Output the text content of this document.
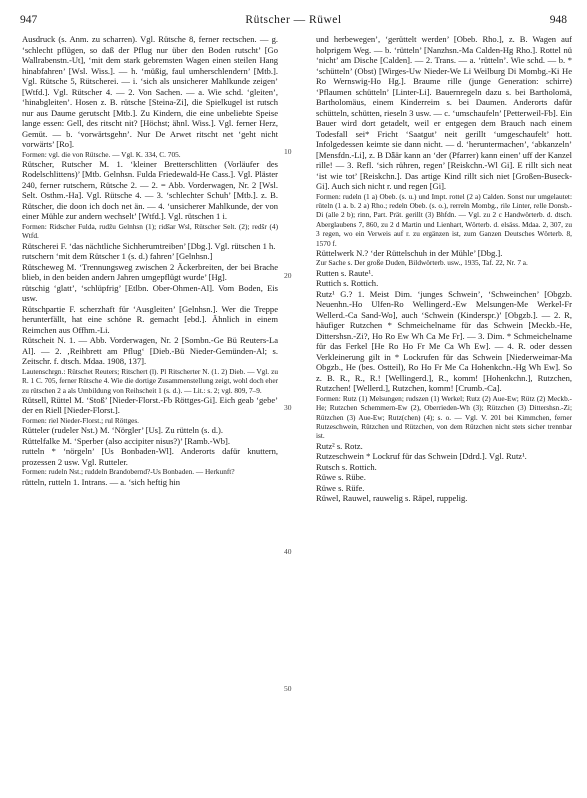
947	Rütscher — Rüwel	948
10
20
30
40
50

Ausdruck (s. Anm. zu scharren). Vgl. Rütsche 8, ferner rectschen. — g. ‘schlecht pflügen, so daß der Pflug nur über den Boden rutscht’ [Go Wallrabenstn.-Ut], ‘mit dem stark gebremsten Wagen einen steilen Hang hinabfahren’ [Wsl. Wiss.]. — h. ‘müßig, faul umherschlendern’ [Mtb.]. Vgl. Rütsche 5, Rütscherei. — i. ‘sich als unsicherer Mahlkunde zeigen’ [Wtfd.]. Vgl. Rütscher 4. — 2. Von Sachen. — a. Wie schd. ‘gleiten’, ‘hinabgleiten’. Hosen z. B. rütsche [Steina-Zi], die Spielkugel ist rutsch nur aus Daume gerutscht [Mtb.]. Zu Kindern, die eine unbeliebte Speise lange essen: Gell, des ritscht nit? [Höchst; ähnl. Wiss.]. Vgl. ferner Herz, Gemüt. — b. ‘vorwärtsgehn’. Nur De Arwet ritscht net ‘geht nicht vorwärts’ [Ro].

Formen: vgl. die von Rütsche. — Vgl. K. 334, C. 705.

Rütscher, Rutscher M. 1. ‘kleiner Bretterschlitten (Vorläufer des Rodelschlittens)’ [Mtb. Gelnhsn. Fulda Friedewald-He Cass.]. Vgl. Pläster 240, ferner rutschern, Rütsche 2. — 2. = Abb. Vorderwagen, Nr. 2 [Wsl. Selt. Osthm.-Ha]. Vgl. Rütsche 4. — 3. ‘schlechter Schuh’ [Mtb.]. z. B. Rütscher, die doon ich doch net än. — 4. ‘unsicherer Mahlkunde, der von einer Mühle zur andern wechselt’ [Wtfd.]. Vgl. rütschen 1 i.

Formen: Ridscher Fulda, rudžu Gelnhsn (1); ridšar Wsl, Rütscher Selt. (2); redšr (4) Wtfd.

Rütscherei F. ‘das nächtliche Sichherumtreiben’ [Dbg.]. Vgl. rütschen 1 h.

rutschern ‘mit dem Rütscher 1 (s. d.) fahren’ [Gelnhsn.]

Rütscheweg M. ‘Trennungsweg zwischen 2 Äckerbreiten, der bei Brache blieb, in den beiden andern Jahren umgepflügt wurde’ [Hg].

rütschig ‘glatt’, ‘schlüpfrig’ [Etlbn. Ober-Ohmen-Al]. Vom Boden, Eis usw.

Rütschpartie F. scherzhaft für ‘Ausgleiten’ [Gelnhsn.]. Wer die Treppe herunterfällt, hat eine schöne R. gemacht [ebd.]. Ähnlich in einem Reimchen aus Offhm.-Li.

Rütscheit N. 1. — Abb. Vorderwagen, Nr. 2 [Sombn.-Ge Bü Reuters-La Al]. — 2. ‚Reihbrett am Pflug‘ [Dieb.-Bü Nieder-Gemünden-Al; s. Zeitschr. f. dtsch. Mdaa. 1908, 137].

Lautenschrgn.: Rütschet Reuters; Ritschert (l). Pl Ritscherter N. (1. 2) Dieb. — Vgl. zu R. 1 C. 705, ferner Rütsche 4. Wie die dortige Zusammenstellung zeigt, wohl doch eher zu rütschen 2 a als Umbildung von Reihscheit 1 (s. d.). — Lit.: s. 2; vgl. 809, 7–9.

Rütsell, Rüttel M. ‘Stoß’ [Nieder-Florst.-Fb Röttges-Gi]. Eich geab ‘gebe’ der en Riell [Nieder-Florst.].

Formen: riel Nieder-Florst.; rul Röttges.

Rütteler (rudeler Nst.) M. ‘Nörgler’ [Us]. Zu rütteln (s. d.).

Rüttelfalke M. ‘Sperber (also accipiter nisus?)’ [Ramb.-Wb].

rutteln * ‘nörgeln’ [Us Bonbaden-Wl]. Anderorts dafür knuttern, prozessen 2 usw. Vgl. Rutteler.

Formen: rudeln Nst.; ruddeln Brandobernd?-Us Bonbaden. — Herkunft?

rütteln, rutteln 1. Intrans. — a. ‘sich heftig hin

und herbewegen’, ‘gerüttelt werden’ [Obeb. Rho.], z. B. Wagen auf holprigem Weg. — b. ‘rütteln’ [Nanzhsn.-Ma Calden-Hg Rho.]. Rottel nü ‘nicht’ am Dische [Calden]. — 2. Trans. — a. ‘rütteln’. Wie schd. — b. * ‘schütteln’ (Obst) [Wirges-Uw Nieder-We Li Weilburg Di Mombg.-Ki He Ro Wernswig-Ho Hg.]. Braume rille (junge Generation: schirre) ‘Pflaumen schütteln’ [Linter-Li]. Bauernregeln dazu s. bei Bartholomä, Bartholomäus, einem Kinderreim s. bei Daumen. Anderorts dafür schütteln, schütten, rieseln 3 usw. — c. ‘umschaufeln’ [Petterweil-Fb]. Ein Bauer wird dort getadelt, weil er entgegen dem Brauch nach einem Todesfall sei* Fricht ‘Saatgut’ neit gerillt ‘umgeschaufelt’ hott. Infolgedessen keimte sie dann nicht. — d. ‘heruntermachen’, ‘abkanzeln’ [Mensfdn.-Li], z. B Dǟär kann an ‘der (Pfarrer) kann einen’ uff der Kanzel rille! — 3. Refl. ‘sich rühren, regen’ [Reiskchn.-Wl Gi]. E rillt sich neat ‘ist wie tot’ [Reiskchn.]. Das artige Kind rillt sich niet [Großen-Buseck-Gi]. Auch sich nicht r. und regen [Gi].

Formen: rudeln (1 a) Obeb. (s. u.) und Impt. rottel (2 a) Calden. Sonst nur umgelautet: rüteln (1 a. b. 2 a) Rho.; redeln Obeb. (s. o.), rerreln Mombg., rile Linter, relle Donsb.-Di (alle 2 b); rinn, Part. Prät. gerillt (3) Bhfdn. — Vgl. zu 2 c Handwörterb. d. dtsch. Aberglaubens 7, 860, zu 2 d Martin und Lienhart, Wörterb. d. elsäss. Mdaa. 2, 307, zu 3 regen, wo ein Verweis auf r. zu ergänzen ist, zum Ganzen Deutsches Wörterb. 8, 1570 f.

Rüttelwerk N.? ‘der Rüttelschuh in der Mühle’ [Dbg.].

Zur Sache s. Der große Duden, Bildwörterb. usw., 1935, Taf. 22, Nr. 7 a.

Rutten s. Raute¹.

Ruttich s. Rottich.

Rutz¹ G.? 1. Meist Dim. ‘junges Schwein’, ‘Schweinchen’ [Obgzb. Neuenhn.-Ho Ulfen-Ro Wellingerd.-Ew Melsungen-Me Werkel-Fr Wellerd.-Ca Sand-Wo], auch ‘Schwein (Kinderspr.)’ [Obgzb.]. — 2. R, häufiger Rutzchen * Schmeichelname für das Schwein [Meckb.-He, Dittershsn.-Zi?, Ho Ro Ew Wh Ca Me Fr]. — 3. Dim. * Schmeichelname für das Ferkel [He Ro Ho Fr Me Ca Wh Ew]. — 4. R. oder dessen Verkleinerung gilt in * Lockrufen für das Schwein [Niederweimar-Ma Obgzb., He (bes. Ostteil), Ro Ho Fr Me Ca Hohenkchn.-Hg Wh Ew]. So z. B. R., R., R.! [Wellingerd.], R., komm! [Hohenkchn.], Rutzchen, Rutzchen! [Wellerd.], Rutzchen, komm! [Crumb.-Ca].

Formen: Rutz (1) Melsungen; rudszen (1) Werkel; Rutz (2) Aue-Ew; Rütz (2) Meckb.-He; Rutzchen Schemmern-Ew (2), Oberrieden-Wh (3); Rützchen (3) Dittershsn.-Zi; Rützchen (3) Aue-Ew; Rutz(chen) (4); s. o. — Vgl. V. 201 bei Kimmchen, ferner Rutzeschwein, Rützchen und Rützchen, von dem Rützchen nicht stets sicher trennbar ist.

Rutz² s. Rotz.

Rutzeschwein * Lockruf für das Schwein [Ddrd.]. Vgl. Rutz¹.

Rutsch s. Rottich.

Rüwe s. Rübe.

Rüwe s. Rüfe.

Rüwel, Rauwel, rauwelig s. Räpel, ruppelig.
